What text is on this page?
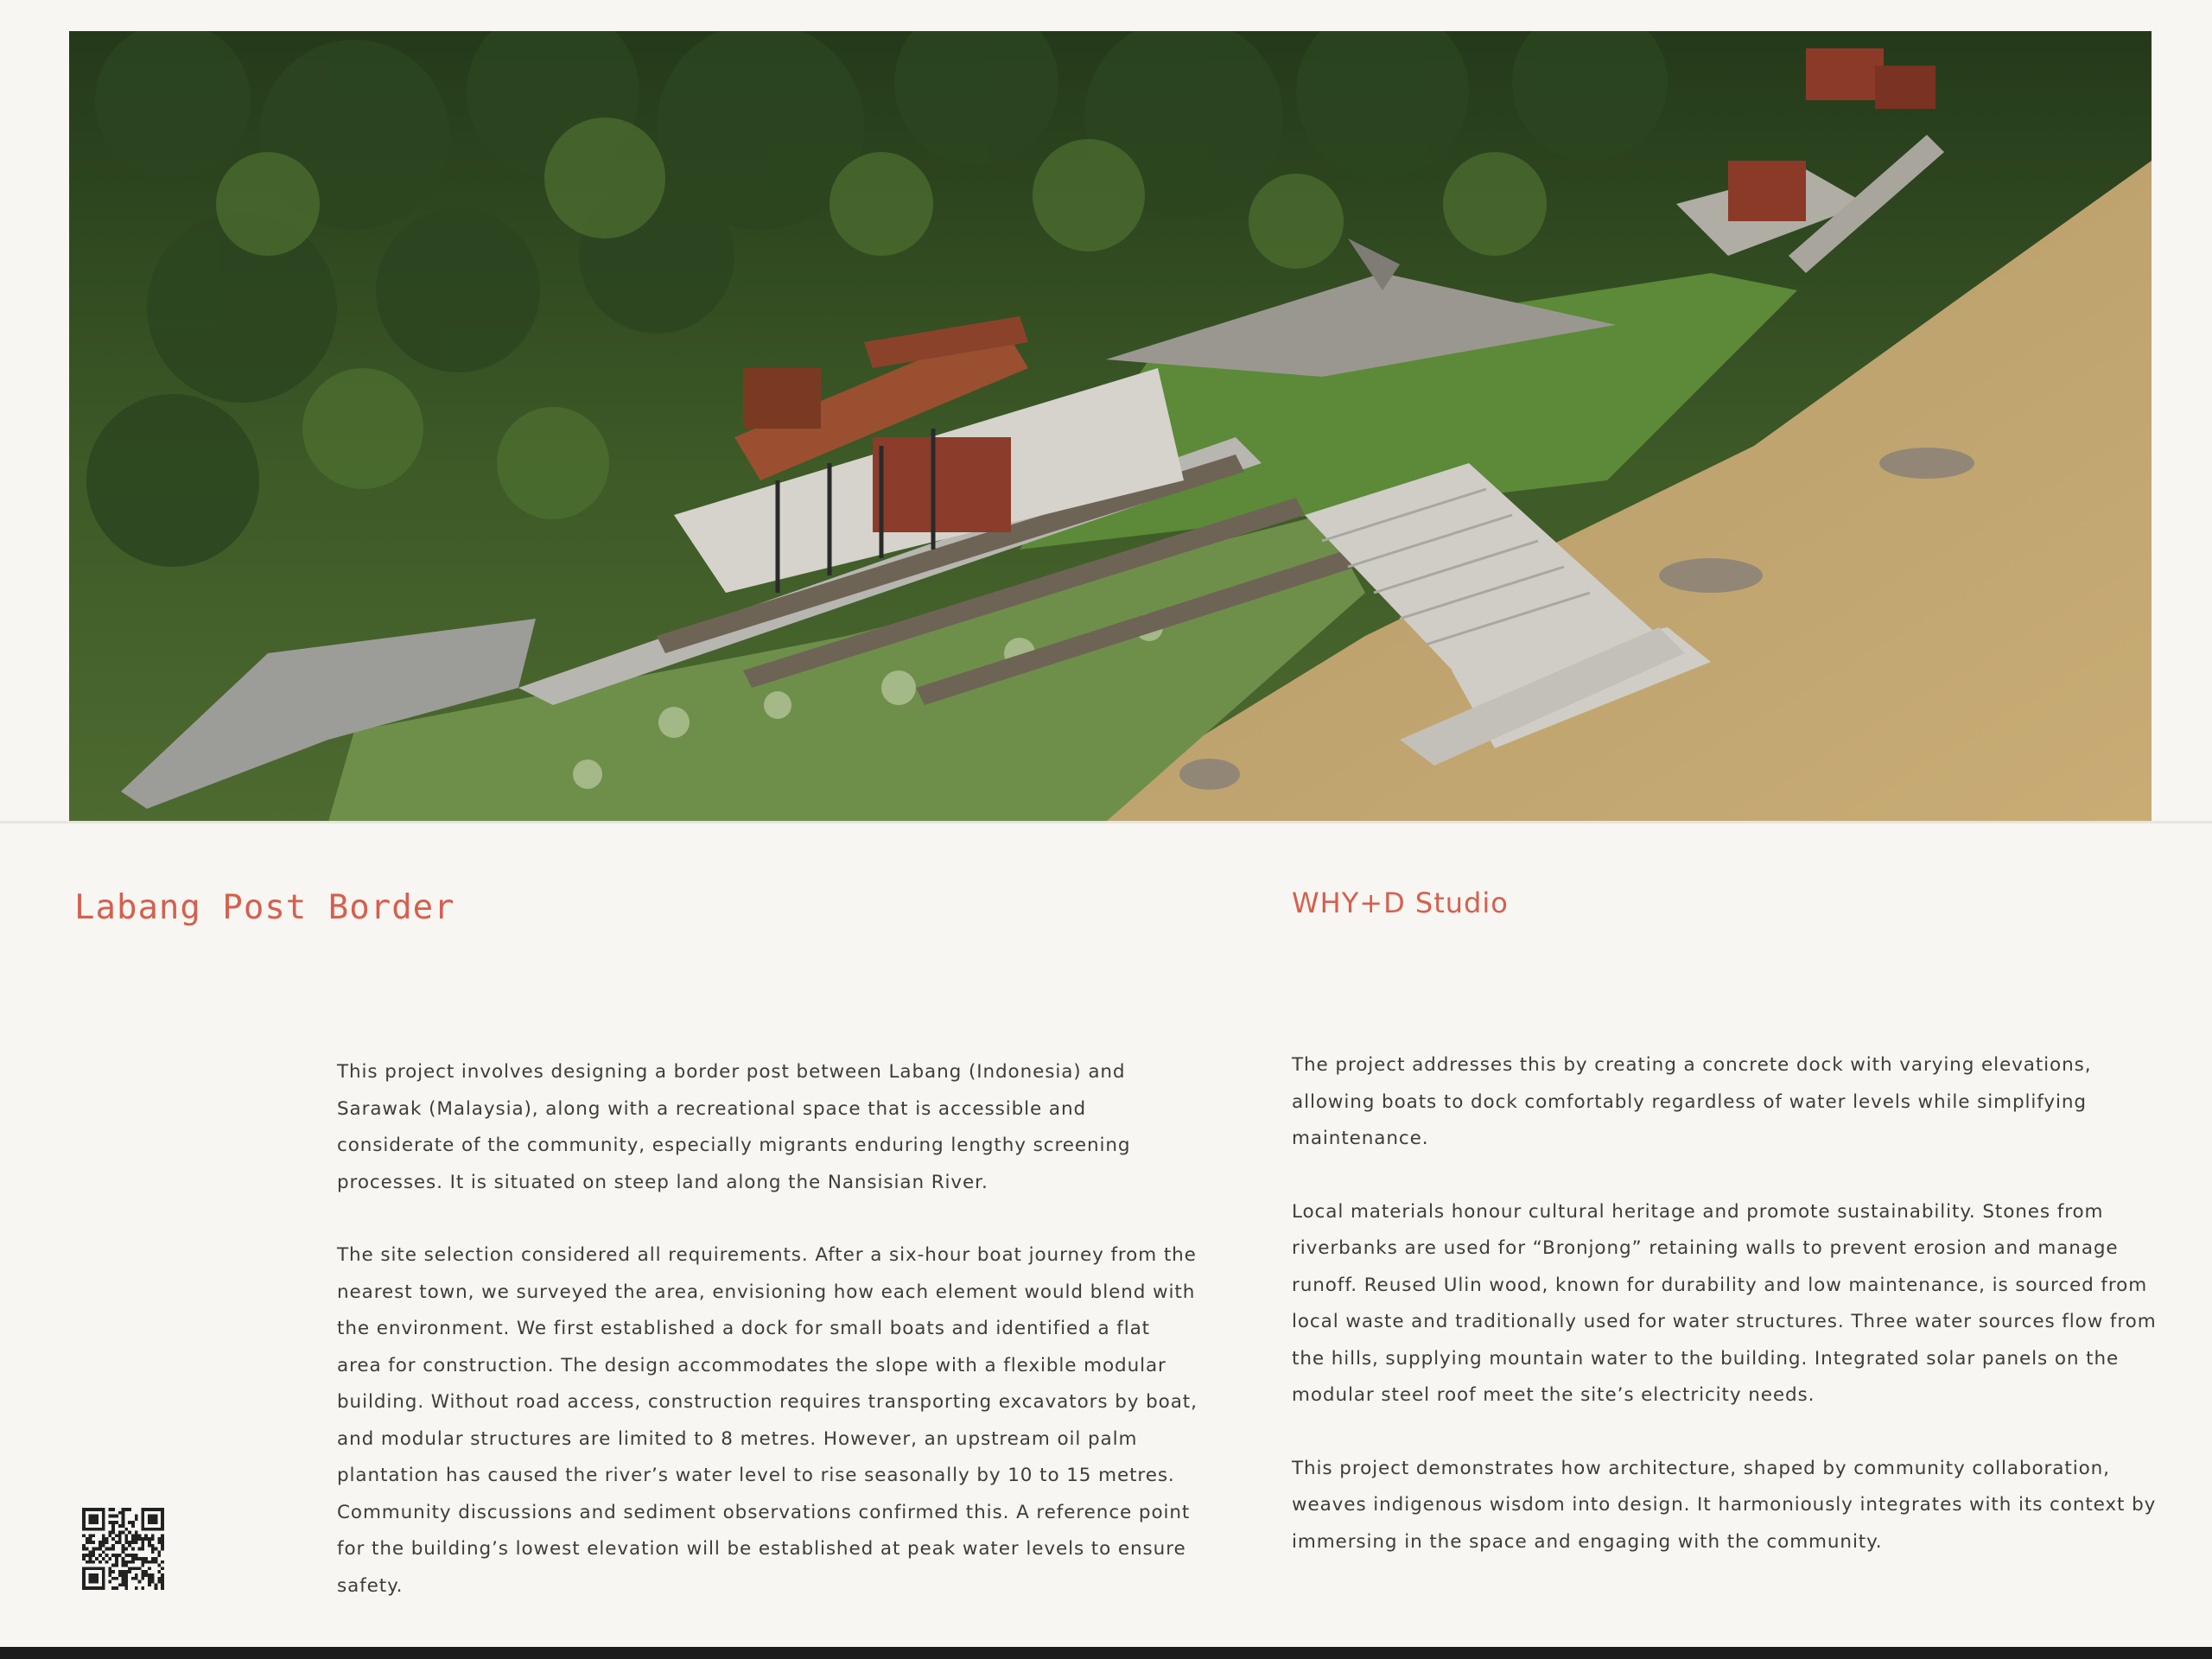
Labang Post Border	WHY+D Studio

This project involves designing a border post between Labang (Indonesia) and Sarawak (Malaysia), along with a recreational space that is accessible and considerate of the community, especially migrants enduring lengthy screening processes. It is situated on steep land along the Nansisian River.

The site selection considered all requirements. After a six-hour boat journey from the nearest town, we surveyed the area, envisioning how each element would blend with the environment. We first established a dock for small boats and identified a flat area for construction. The design accommodates the slope with a flexible modular building. Without road access, construction requires transporting excavators by boat, and modular structures are limited to 8 metres. However, an upstream oil palm plantation has caused the river’s water level to rise seasonally by 10 to 15 metres. Community discussions and sediment observations confirmed this. A reference point for the building’s lowest elevation will be established at peak water levels to ensure safety.

The project addresses this by creating a concrete dock with varying elevations, allowing boats to dock comfortably regardless of water levels while simplifying maintenance.

Local materials honour cultural heritage and promote sustainability. Stones from riverbanks are used for “Bronjong” retaining walls to prevent erosion and manage runoff. Reused Ulin wood, known for durability and low maintenance, is sourced from local waste and traditionally used for water structures. Three water sources flow from the hills, supplying mountain water to the building. Integrated solar panels on the modular steel roof meet the site’s electricity needs.

This project demonstrates how architecture, shaped by community collaboration, weaves indigenous wisdom into design. It harmoniously integrates with its context by immersing in the space and engaging with the community.
